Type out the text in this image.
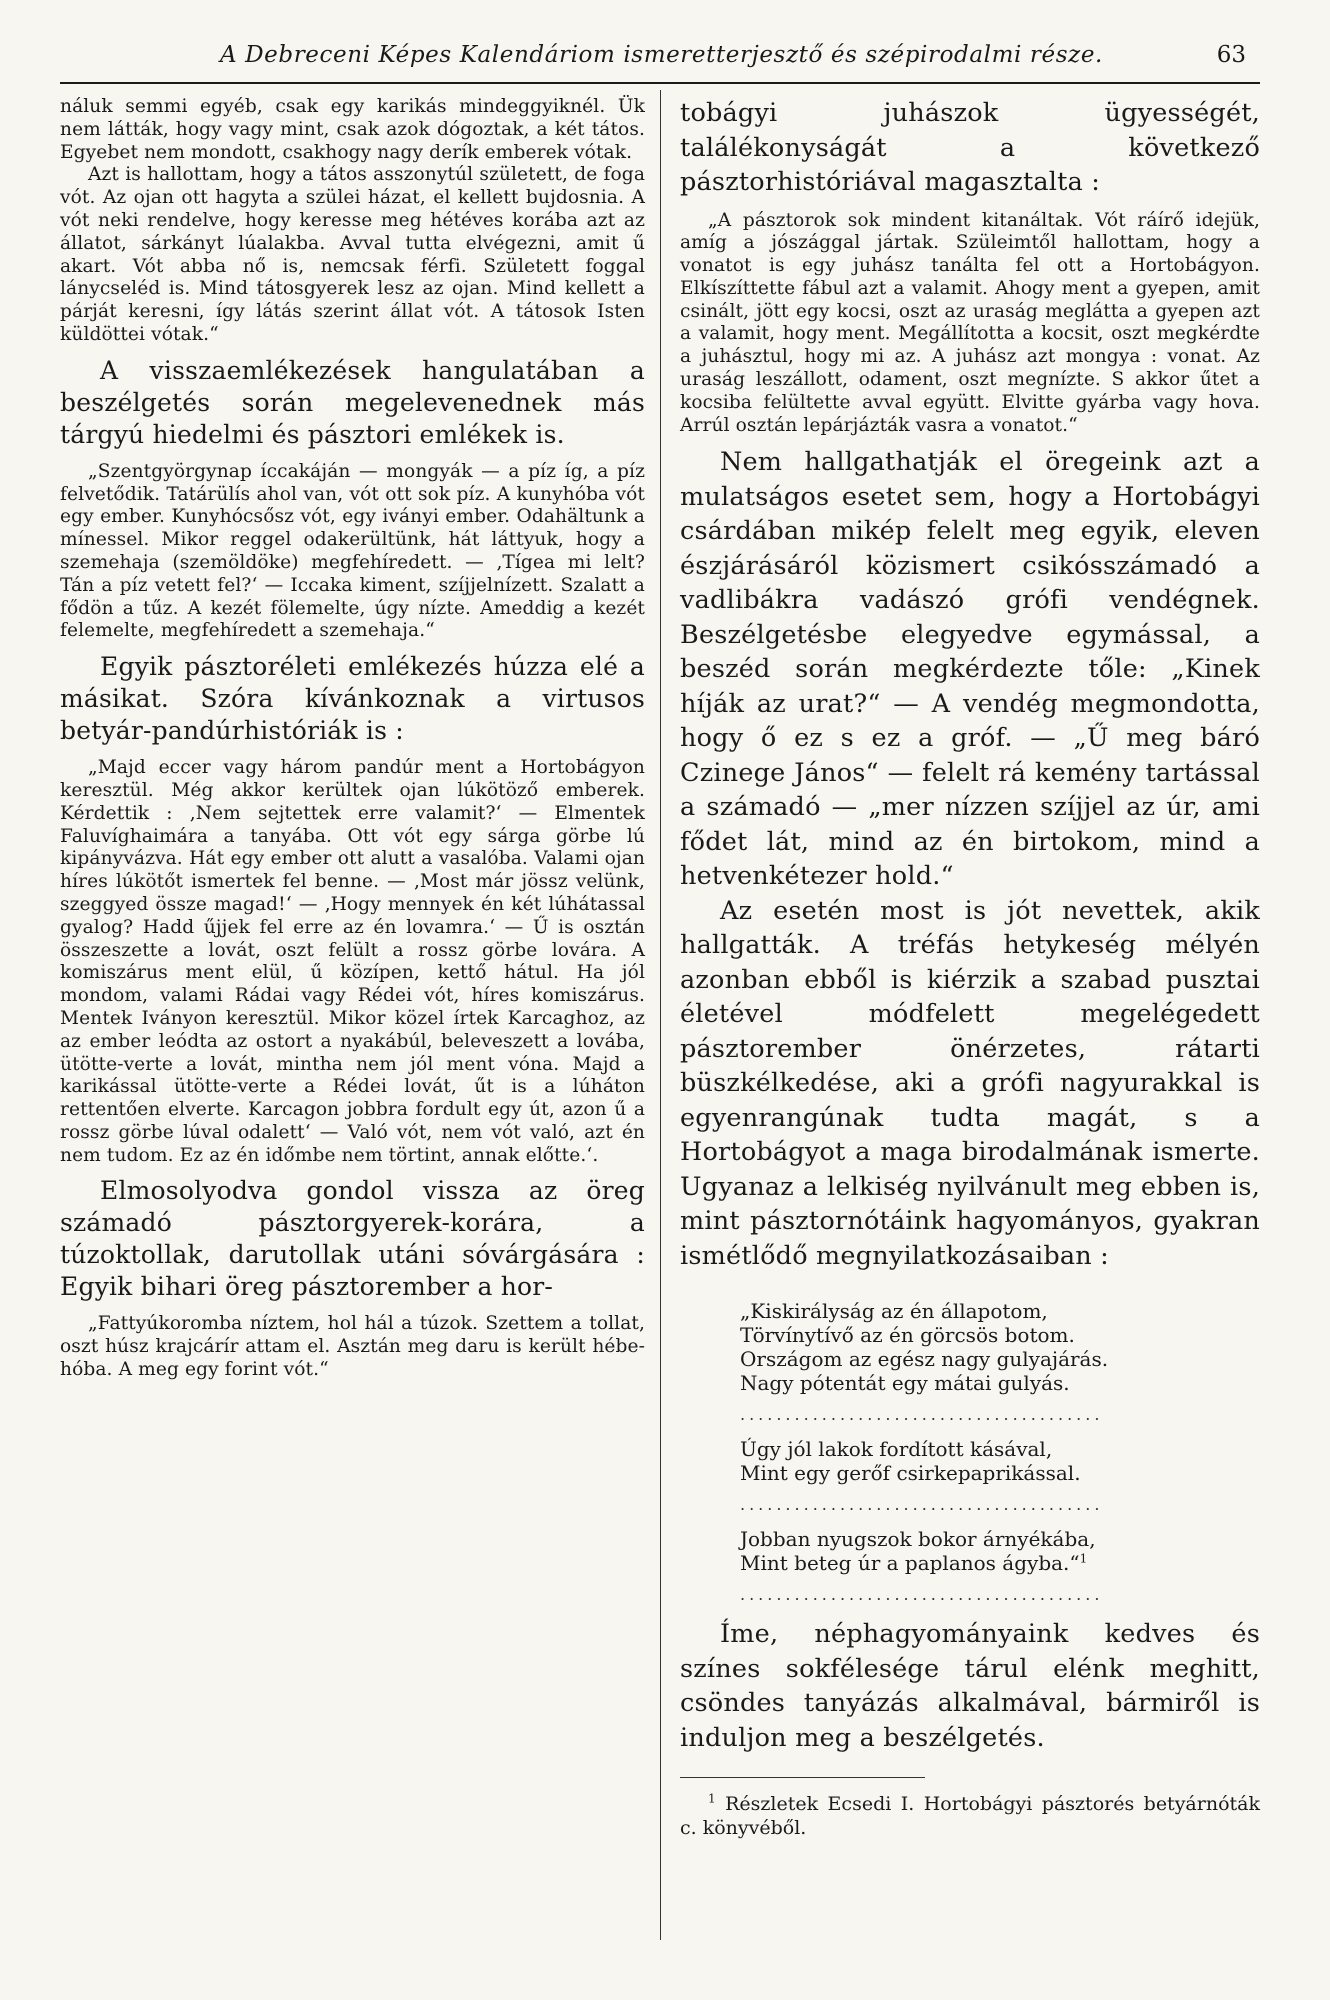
A Debreceni Képes Kalendáriom ismeretterjesztő és szépirodalmi része.	63

náluk semmi egyéb, csak egy karikás mindeggyiknél. Ük nem látták, hogy vagy mint, csak azok dógoztak, a két tátos. Egyebet nem mondott, csakhogy nagy derík emberek vótak.

Azt is hallottam, hogy a tátos asszonytúl született, de foga vót. Az ojan ott hagyta a szülei házat, el kellett bujdosnia. A vót neki rendelve, hogy keresse meg hétéves korába azt az állatot, sárkányt lúalakba. Avval tutta elvégezni, amit ű akart. Vót abba nő is, nemcsak férfi. Született foggal lánycseléd is. Mind tátosgyerek lesz az ojan. Mind kellett a párját keresni, így látás szerint állat vót. A tátosok Isten küldöttei vótak.“

A visszaemlékezések hangulatában a beszélgetés során megelevenednek más tárgyú hiedelmi és pásztori emlékek is.

„Szentgyörgynap íccakáján — mongyák — a píz íg, a píz felvetődik. Tatárülís ahol van, vót ott sok píz. A kunyhóba vót egy ember. Kunyhócsősz vót, egy iványi ember. Odahältunk a mínessel. Mikor reggel odakerültünk, hát láttyuk, hogy a szemehaja (szemöldöke) megfehíredett. — ‚Tígea mi lelt? Tán a píz vetett fel?‘ — Iccaka kiment, szíjjelnízett. Szalatt a fődön a tűz. A kezét fölemelte, úgy nízte. Ameddig a kezét felemelte, megfehíredett a szemehaja.“

Egyik pásztoréleti emlékezés húzza elé a másikat. Szóra kívánkoznak a virtusos betyár-pandúrhistóriák is :

„Majd eccer vagy három pandúr ment a Hortobágyon keresztül. Még akkor kerültek ojan lúkötöző emberek. Kérdettik : ‚Nem sejtettek erre valamit?‘ — Elmentek Faluvíghaimára a tanyába. Ott vót egy sárga görbe lú kipányvázva. Hát egy ember ott alutt a vasalóba. Valami ojan híres lúkötőt ismertek fel benne. — ‚Most már jössz velünk, szeggyed össze magad!‘ — ‚Hogy mennyek én két lúhátassal gyalog? Hadd űjjek fel erre az én lovamra.‘ — Ű is osztán összeszette a lovát, oszt felült a rossz görbe lovára. A komiszárus ment elül, ű közípen, kettő hátul. Ha jól mondom, valami Rádai vagy Rédei vót, híres komiszárus. Mentek Iványon keresztül. Mikor közel írtek Karcaghoz, az az ember leódta az ostort a nyakábúl, beleveszett a lovába, ütötte-verte a lovát, mintha nem jól ment vóna. Majd a karikással ütötte-verte a Rédei lovát, űt is a lúháton rettentően elverte. Karcagon jobbra fordult egy út, azon ű a rossz görbe lúval odalett‘ — Való vót, nem vót való, azt én nem tudom. Ez az én időmbe nem törtint, annak előtte.‘.

Elmosolyodva gondol vissza az öreg számadó pásztorgyerek-korára, a túzoktollak, darutollak utáni sóvárgására : Egyik bihari öreg pásztorember a hor-

„Fattyúkoromba níztem, hol hál a túzok. Szettem a tollat, oszt húsz krajcárír attam el. Asztán meg daru is került hébe-hóba. A meg egy forint vót.“

tobágyi juhászok ügyességét, találékonyságát a következő pásztorhistóriával magasztalta :

„A pásztorok sok mindent kitanáltak. Vót ráírő idejük, amíg a jószággal jártak. Szüleimtől hallottam, hogy a vonatot is egy juhász tanálta fel ott a Hortobágyon. Elkíszíttette fábul azt a valamit. Ahogy ment a gyepen, amit csinált, jött egy kocsi, oszt az uraság meglátta a gyepen azt a valamit, hogy ment. Megállította a kocsit, oszt megkérdte a juhásztul, hogy mi az. A juhász azt mongya : vonat. Az uraság leszállott, odament, oszt megnízte. S akkor űtet a kocsiba felültette avval együtt. Elvitte gyárba vagy hova. Arrúl osztán lepárjázták vasra a vonatot.“

Nem hallgathatják el öregeink azt a mulatságos esetet sem, hogy a Hortobágyi csárdában mikép felelt meg egyik, eleven észjárásáról közismert csikósszámadó a vadlibákra vadászó grófi vendégnek. Beszélgetésbe elegyedve egymással, a beszéd során megkérdezte tőle: „Kinek híják az urat?“ — A vendég megmondotta, hogy ő ez s ez a gróf. — „Ű meg báró Czinege János“ — felelt rá kemény tartással a számadó — „mer nízzen szíjjel az úr, ami fődet lát, mind az én birtokom, mind a hetvenkétezer hold.“

Az esetén most is jót nevettek, akik hallgatták. A tréfás hetykeség mélyén azonban ebből is kiérzik a szabad pusztai életével módfelett megelégedett pásztorember önérzetes, rátarti büszkélkedése, aki a grófi nagyurakkal is egyenrangúnak tudta magát, s a Hortobágyot a maga birodalmának ismerte. Ugyanaz a lelkiség nyilvánult meg ebben is, mint pásztornótáink hagyományos, gyakran ismétlődő megnyilatkozásaiban :

„Kiskirályság az én állapotom,
Törvínytívő az én görcsös botom.
Országom az egész nagy gulyajárás.
Nagy pótentát egy mátai gulyás.
........................................
Úgy jól lakok fordított kásával,
Mint egy gerőf csirkepaprikással.
........................................
Jobban nyugszok bokor árnyékába,
Mint beteg úr a paplanos ágyba.“$^1$
........................................

Íme, néphagyományaink kedves és színes sokfélesége tárul elénk meghitt, csöndes tanyázás alkalmával, bármiről is induljon meg a beszélgetés.

$^1$ Részletek Ecsedi I. Hortobágyi pásztorés betyárnóták c. könyvéből.
